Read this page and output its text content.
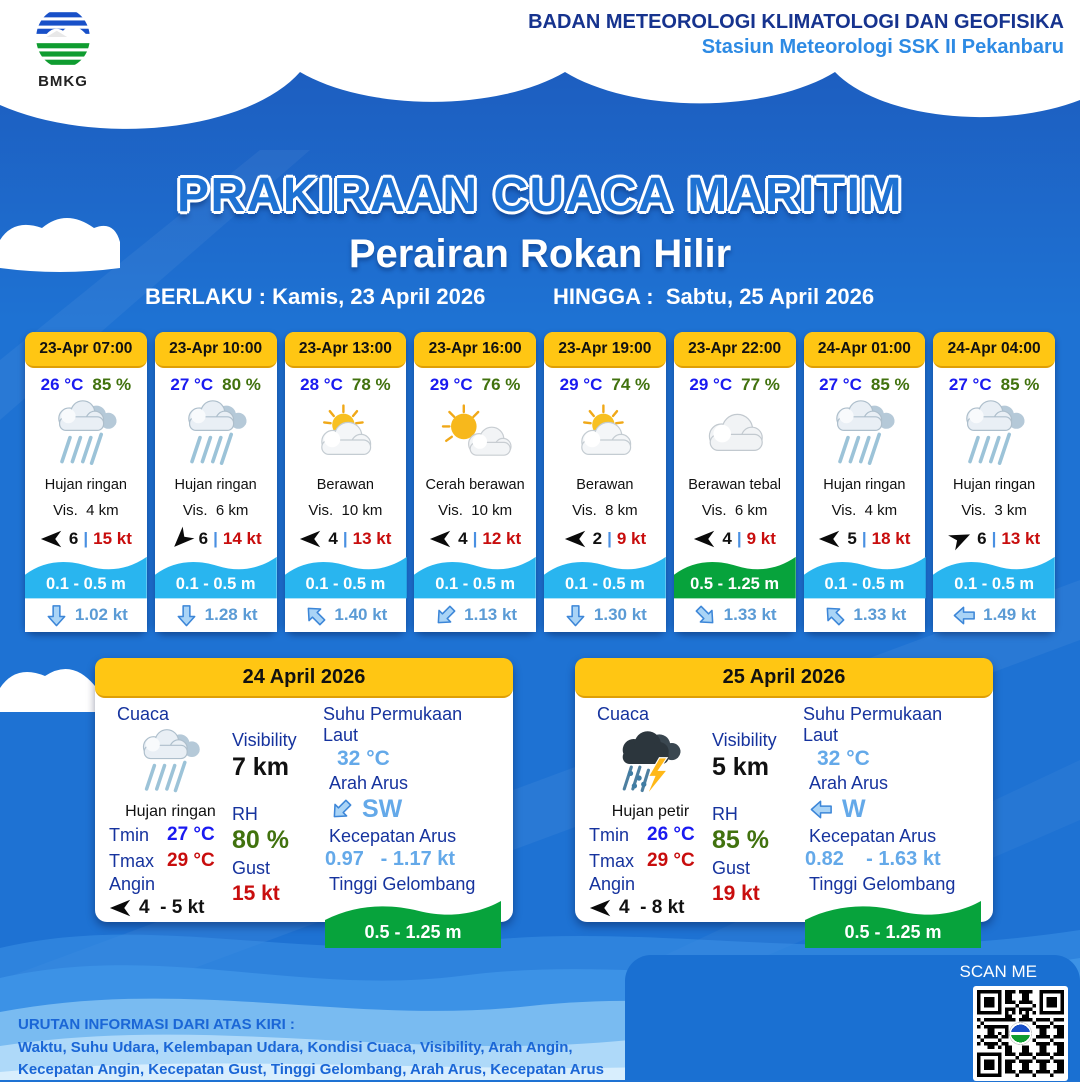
BMKG
BADAN METEOROLOGI KLIMATOLOGI DAN GEOFISIKA
Stasiun Meteorologi SSK II Pekanbaru
PRAKIRAAN CUACA MARITIM
Perairan Rokan Hilir
BERLAKU : Kamis, 23 April 2026	HINGGA :  Sabtu, 25 April 2026
23-Apr 07:00
26 °C 85 %
Hujan ringan
Vis. 4 km
6 | 15 kt
0.1 - 0.5 m
1.02 kt
23-Apr 10:00
27 °C 80 %
Hujan ringan
Vis. 6 km
6 | 14 kt
0.1 - 0.5 m
1.28 kt
23-Apr 13:00
28 °C 78 %
Berawan
Vis. 10 km
4 | 13 kt
0.1 - 0.5 m
1.40 kt
23-Apr 16:00
29 °C 76 %
Cerah berawan
Vis. 10 km
4 | 12 kt
0.1 - 0.5 m
1.13 kt
23-Apr 19:00
29 °C 74 %
Berawan
Vis. 8 km
2 | 9 kt
0.1 - 0.5 m
1.30 kt
23-Apr 22:00
29 °C 77 %
Berawan tebal
Vis. 6 km
4 | 9 kt
0.5 - 1.25 m
1.33 kt
24-Apr 01:00
27 °C 85 %
Hujan ringan
Vis. 4 km
5 | 18 kt
0.1 - 0.5 m
1.33 kt
24-Apr 04:00
27 °C 85 %
Hujan ringan
Vis. 3 km
6 | 13 kt
0.1 - 0.5 m
1.49 kt
24 April 2026
Cuaca
Hujan ringan
Tmin 27 °C
Tmax 29 °C
Angin
4  - 5 kt
Visibility
7 km
RH
80 %
Gust
15 kt
Suhu Permukaan Laut
32 °C
Arah Arus
SW
Kecepatan Arus
0.97   - 1.17 kt
Tinggi Gelombang
0.5 - 1.25 m
25 April 2026
Cuaca
Hujan petir
Tmin 26 °C
Tmax 29 °C
Angin
4  - 8 kt
Visibility
5 km
RH
85 %
Gust
19 kt
Suhu Permukaan Laut
32 °C
Arah Arus
W
Kecepatan Arus
0.82    - 1.63 kt
Tinggi Gelombang
0.5 - 1.25 m
URUTAN INFORMASI DARI ATAS KIRI :
Waktu, Suhu Udara, Kelembapan Udara, Kondisi Cuaca, Visibility, Arah Angin,
Kecepatan Angin, Kecepatan Gust, Tinggi Gelombang, Arah Arus, Kecepatan Arus
SCAN ME
